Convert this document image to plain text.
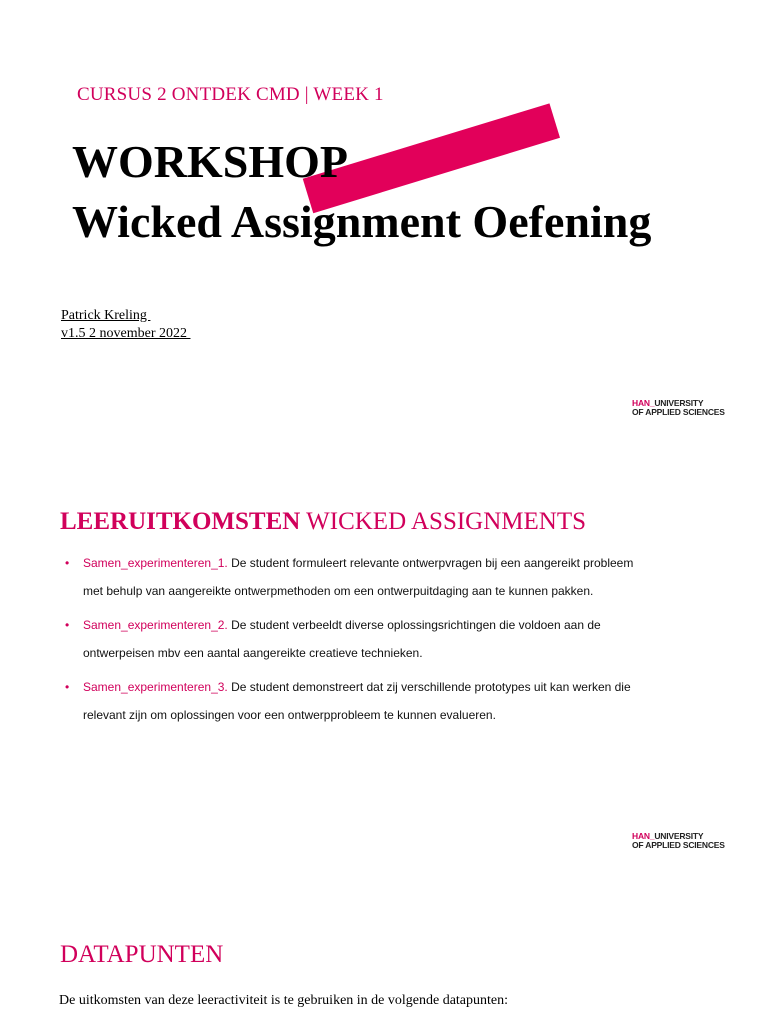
CURSUS 2 ONTDEK CMD | WEEK 1
WORKSHOP
Wicked Assignment Oefening
Patrick Kreling
v1.5 2 november 2022
HAN_UNIVERSITY
OF APPLIED SCIENCES
LEERUITKOMSTEN WICKED ASSIGNMENTS
• Samen_experimenteren_1. De student formuleert relevante ontwerpvragen bij een aangereikt probleem met behulp van aangereikte ontwerpmethoden om een ontwerpuitdaging aan te kunnen pakken.
• Samen_experimenteren_2. De student verbeeldt diverse oplossingsrichtingen die voldoen aan de ontwerpeisen mbv een aantal aangereikte creatieve technieken.
• Samen_experimenteren_3. De student demonstreert dat zij verschillende prototypes uit kan werken die relevant zijn om oplossingen voor een ontwerpprobleem te kunnen evalueren.
HAN_UNIVERSITY
OF APPLIED SCIENCES
DATAPUNTEN
De uitkomsten van deze leeractiviteit is te gebruiken in de volgende datapunten:
